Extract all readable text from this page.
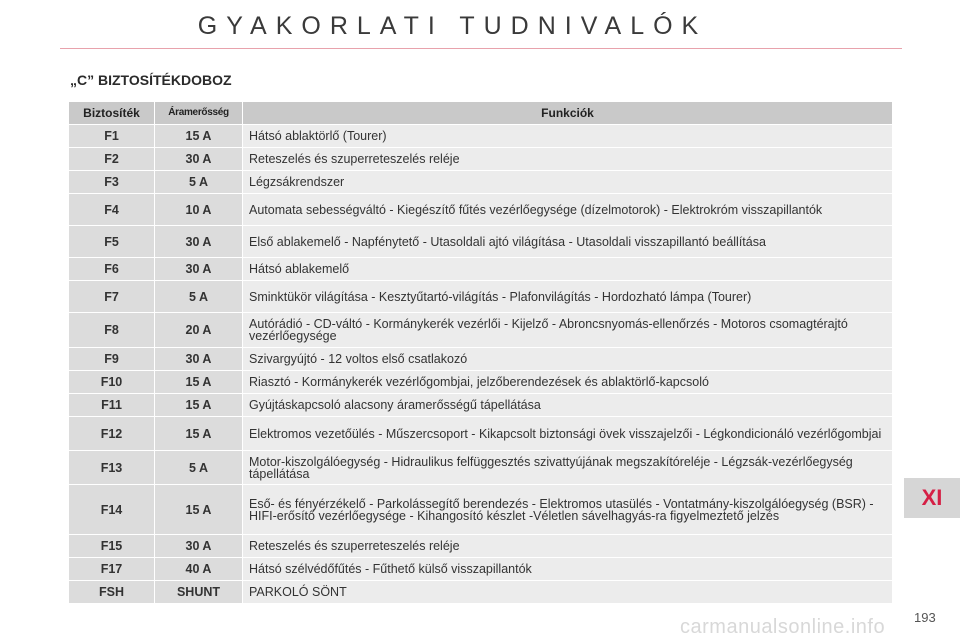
GYAKORLATI TUDNIVALÓK
„C” BIZTOSÍTÉKDOBOZ
Biztosíték	Áramerősség	Funkciók
F1	15 A	Hátsó ablaktörlő (Tourer)
F2	30 A	Reteszelés és szuperreteszelés reléje
F3	5 A	Légzsákrendszer
F4	10 A	Automata sebességváltó - Kiegészítő fűtés vezérlőegysége (dízelmotorok) - Elektrokróm visszapillantók
F5	30 A	Első ablakemelő - Napfénytető - Utasoldali ajtó világítása - Utasoldali visszapillantó beállítása
F6	30 A	Hátsó ablakemelő
F7	5 A	Sminktükör világítása - Kesztyűtartó-világítás - Plafonvilágítás - Hordozható lámpa (Tourer)
F8	20 A	Autórádió - CD-váltó - Kormánykerék vezérlői - Kijelző - Abroncsnyomás-ellenőrzés - Motoros csomagtérajtó vezérlőegysége
F9	30 A	Szivargyújtó - 12 voltos első csatlakozó
F10	15 A	Riasztó - Kormánykerék vezérlőgombjai, jelzőberendezések és ablaktörlő-kapcsoló
F11	15 A	Gyújtáskapcsoló alacsony áramerősségű tápellátása
F12	15 A	Elektromos vezetőülés - Műszercsoport - Kikapcsolt biztonsági övek visszajelzői - Légkondicionáló vezérlőgombjai
F13	5 A	Motor-kiszolgálóegység - Hidraulikus felfüggesztés szivattyújának megszakítóreléje - Légzsák-vezérlőegység tápellátása
F14	15 A	Eső- és fényérzékelő - Parkolássegítő berendezés - Elektromos utasülés - Vontatmány-kiszolgálóegység (BSR) - HIFI-erősítő vezérlőegysége - Kihangosító készlet -Véletlen sávelhagyás-ra figyelmeztető jelzés
F15	30 A	Reteszelés és szuperreteszelés reléje
F17	40 A	Hátsó szélvédőfűtés - Fűthető külső visszapillantók
FSH	SHUNT	PARKOLÓ SÖNT
XI
193
carmanualsonline.info
